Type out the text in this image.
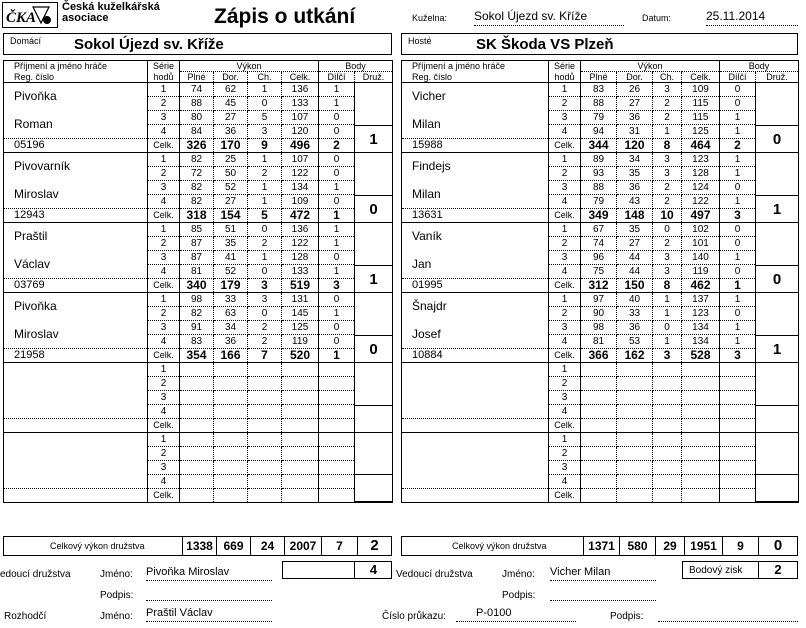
ČKA
Česká kuželkářská asociace	Zápis o utkání	Kuželna: Sokol Újezd sv. Kříže	Datum:	25.11.2014
Domácí Sokol Újezd sv. Kříže	Hosté	SK Škoda VS Plzeň
Příjmení a jméno hráče	Série	Výkon				Body	
Reg. číslo	hodů	Plné	Dor.	Ch.	Celk.	Dílčí	Druž.
Pivoňka	1	74	62	1	136	1	1

	2	88	45	0	133	1	
Roman	3	80	27	5	107	0	
	4	84	36	3	120	0	
05196	Celk.	326	170	9	496	2	
Pivovarník	1	82	25	1	107	0	0

	2	72	50	2	122	0	
Miroslav	3	82	52	1	134	1	
	4	82	27	1	109	0	
12943	Celk.	318	154	5	472	1	
Praštil	1	85	51	0	136	1	1

	2	87	35	2	122	1	
Václav	3	87	41	1	128	0	
	4	81	52	0	133	1	
03769	Celk.	340	179	3	519	3	
Pivoňka	1	98	33	3	131	0	0

	2	82	63	0	145	1	
Miroslav	3	91	34	2	125	0	
	4	83	36	2	119	0	
21958	Celk.	354	166	7	520	1	
	1						

	2						
	3						
	4						
	Celk.						
	1						

	2						
	3						
	4						
	Celk.						
Příjmení a jméno hráče	Série	Výkon				Body	
Reg. číslo	hodů	Plné	Dor.	Ch.	Celk.	Dílčí	Druž.
Vicher	1	83	26	3	109	0	0

	2	88	27	2	115	0	
Milan	3	79	36	2	115	1	
	4	94	31	1	125	1	
15988	Celk.	344	120	8	464	2	
Findejs	1	89	34	3	123	1	1

	2	93	35	3	128	1	
Milan	3	88	36	2	124	0	
	4	79	43	2	122	1	
13631	Celk.	349	148	10	497	3	
Vaník	1	67	35	0	102	0	0

	2	74	27	2	101	0	
Jan	3	96	44	3	140	1	
	4	75	44	3	119	0	
01995	Celk.	312	150	8	462	1	
Šnajdr	1	97	40	1	137	1	1

	2	90	33	1	123	0	
Josef	3	98	36	0	134	1	
	4	81	53	1	134	1	
10884	Celk.	366	162	3	528	3	
	1						

	2						
	3						
	4						
	Celk.						
	1						

	2						
	3						
	4						
	Celk.						
Celkový výkon družstva	1338 669	24	2007	7	2	Celkový výkon družstva	1371	580	29	1951	9	0
4
edoucí družstva	Jméno: Pivoňka Miroslav
Podpis:
Vedoucí družstva	Jméno: Vicher Milan
Podpis:
Bodový zisk	2
Rozhodčí	Jméno: Praštil Václav	Číslo průkazu:	P-0100	Podpis:
